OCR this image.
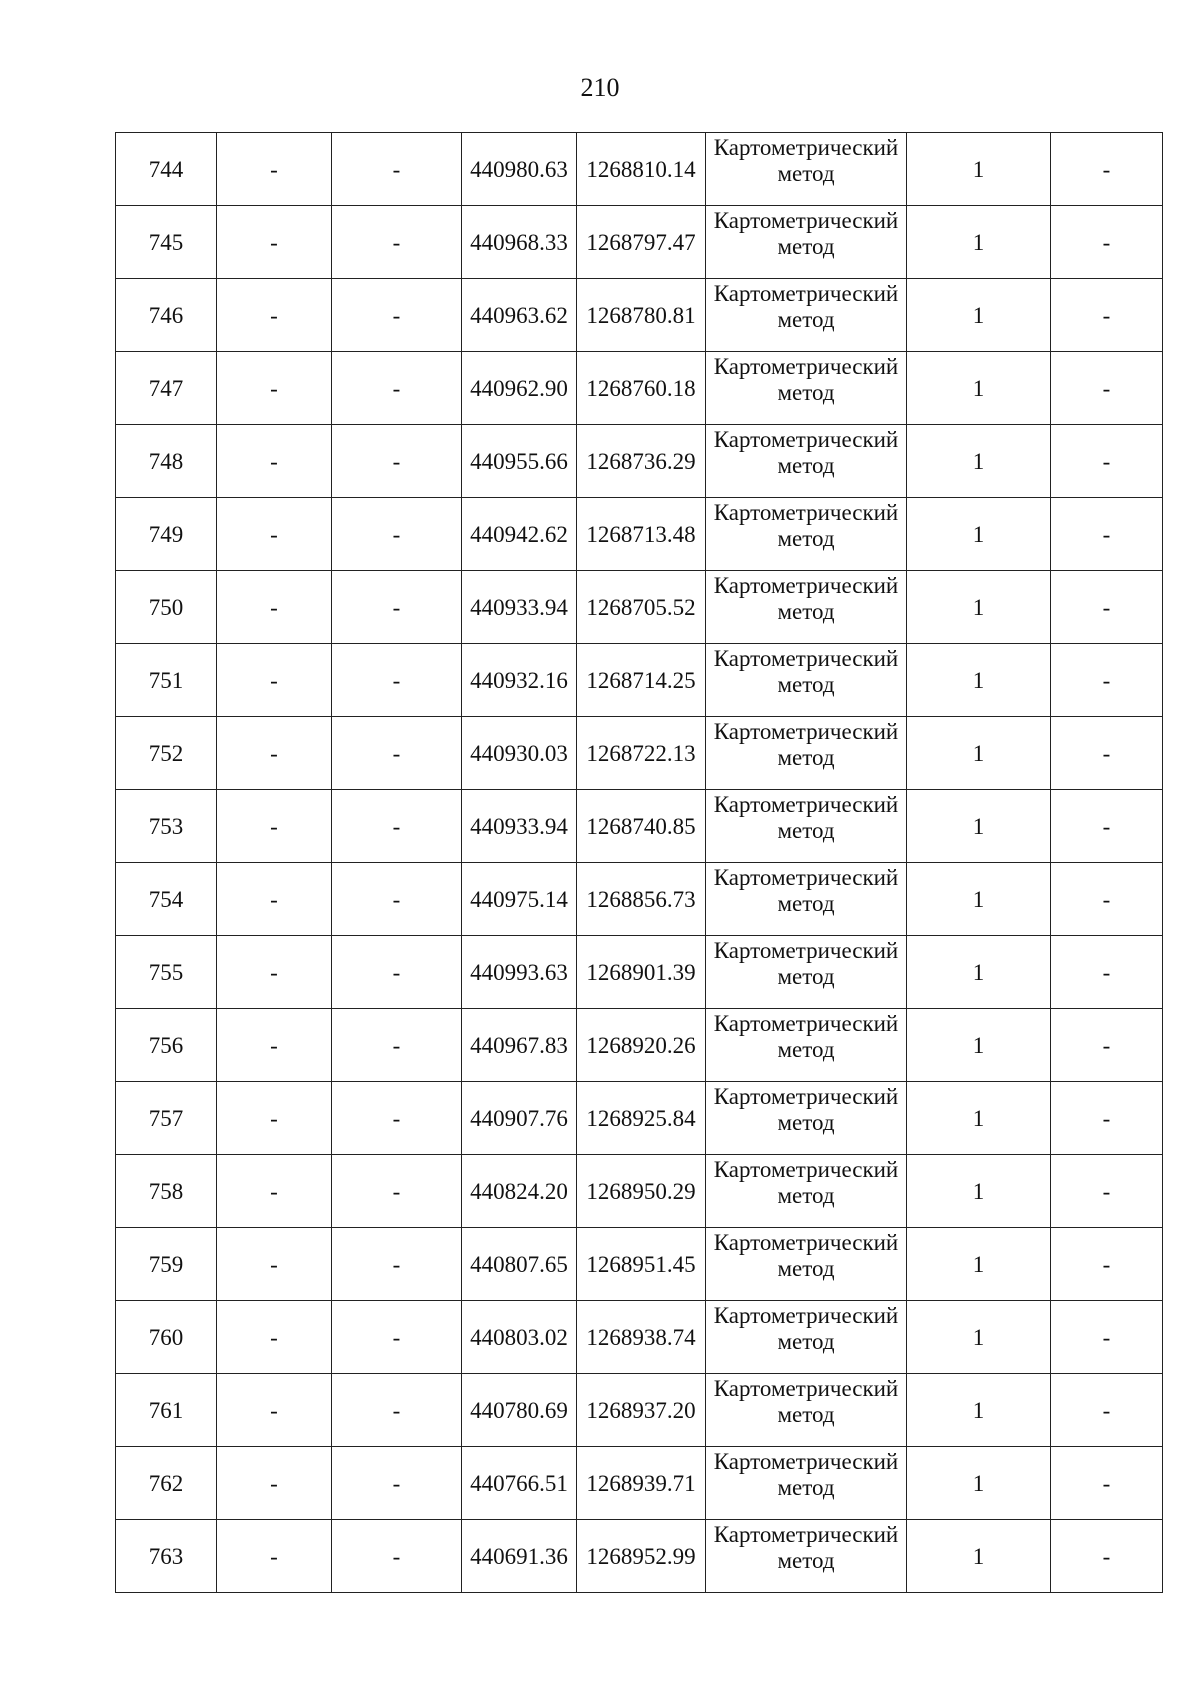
210
744	-	-	440980.63	1268810.14	Картометрический
метод	1	-
745	-	-	440968.33	1268797.47	Картометрический
метод	1	-
746	-	-	440963.62	1268780.81	Картометрический
метод	1	-
747	-	-	440962.90	1268760.18	Картометрический
метод	1	-
748	-	-	440955.66	1268736.29	Картометрический
метод	1	-
749	-	-	440942.62	1268713.48	Картометрический
метод	1	-
750	-	-	440933.94	1268705.52	Картометрический
метод	1	-
751	-	-	440932.16	1268714.25	Картометрический
метод	1	-
752	-	-	440930.03	1268722.13	Картометрический
метод	1	-
753	-	-	440933.94	1268740.85	Картометрический
метод	1	-
754	-	-	440975.14	1268856.73	Картометрический
метод	1	-
755	-	-	440993.63	1268901.39	Картометрический
метод	1	-
756	-	-	440967.83	1268920.26	Картометрический
метод	1	-
757	-	-	440907.76	1268925.84	Картометрический
метод	1	-
758	-	-	440824.20	1268950.29	Картометрический
метод	1	-
759	-	-	440807.65	1268951.45	Картометрический
метод	1	-
760	-	-	440803.02	1268938.74	Картометрический
метод	1	-
761	-	-	440780.69	1268937.20	Картометрический
метод	1	-
762	-	-	440766.51	1268939.71	Картометрический
метод	1	-
763	-	-	440691.36	1268952.99	Картометрический
метод	1	-
